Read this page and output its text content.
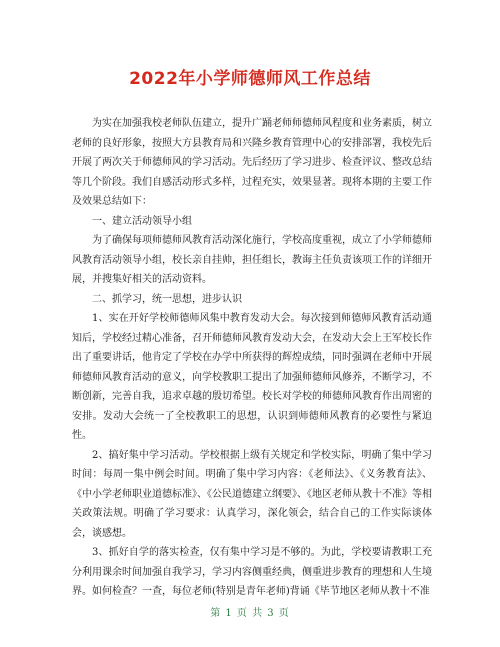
2022年小学师德师风工作总结

为实在加强我校老师队伍建立，提升广踊老师师德师风程度和业务素质，树立老师的良好形象，按照大方县教育局和兴隆乡教育管理中心的安排部署，我校先后开展了两次关于师德师风的学习活动。先后经历了学习进步、检查评议、整改总结等几个阶段。我们自感活动形式多样，过程充实，效果显著。现将本期的主要工作及效果总结如下：

一、建立活动领导小组

为了确保每项师德师风教育活动深化施行，学校高度重视，成立了小学师德师风教育活动领导小组，校长亲自挂帅，担任组长，教诲主任负责该项工作的详细开展，并搜集好相关的活动资料。

二、抓学习，统一思想，进步认识

1、实在开好学校师德师风集中教育发动大会。每次接到师德师风教育活动通知后，学校经过精心准备，召开师德师风教育发动大会，在发动大会上王军校长作出了重要讲话，他肯定了学校在办学中所获得的辉煌成绩，同时强调在老师中开展师德师风教育活动的意义，向学校教职工提出了加强师德师风修养，不断学习，不断创新，完善自我，追求卓越的殷切希望。校长对学校的师德师风教育作出周密的安排。发动大会统一了全校教职工的思想，认识到师德师风教育的必要性与紧迫性。

2、搞好集中学习活动。学校根据上级有关规定和学校实际，明确了集中学习时间：每周一集中例会时间。明确了集中学习内容：《老师法》、《义务教育法》、《中小学老师职业道德标准》、《公民道德建立纲要》、《地区老师从教十不准》等相关政策法规。明确了学习要求：认真学习，深化领会，结合自己的工作实际谈体会，谈感想。

3、抓好自学的落实检查，仅有集中学习是不够的。为此，学校要请教职工充分利用课余时间加强自我学习，学习内容侧重经典，侧重进步教育的理想和人生境界。如何检查？一查，每位老师(特别是青年老师)背诵《毕节地区老师从教十不准

第 1 页 共 3 页
